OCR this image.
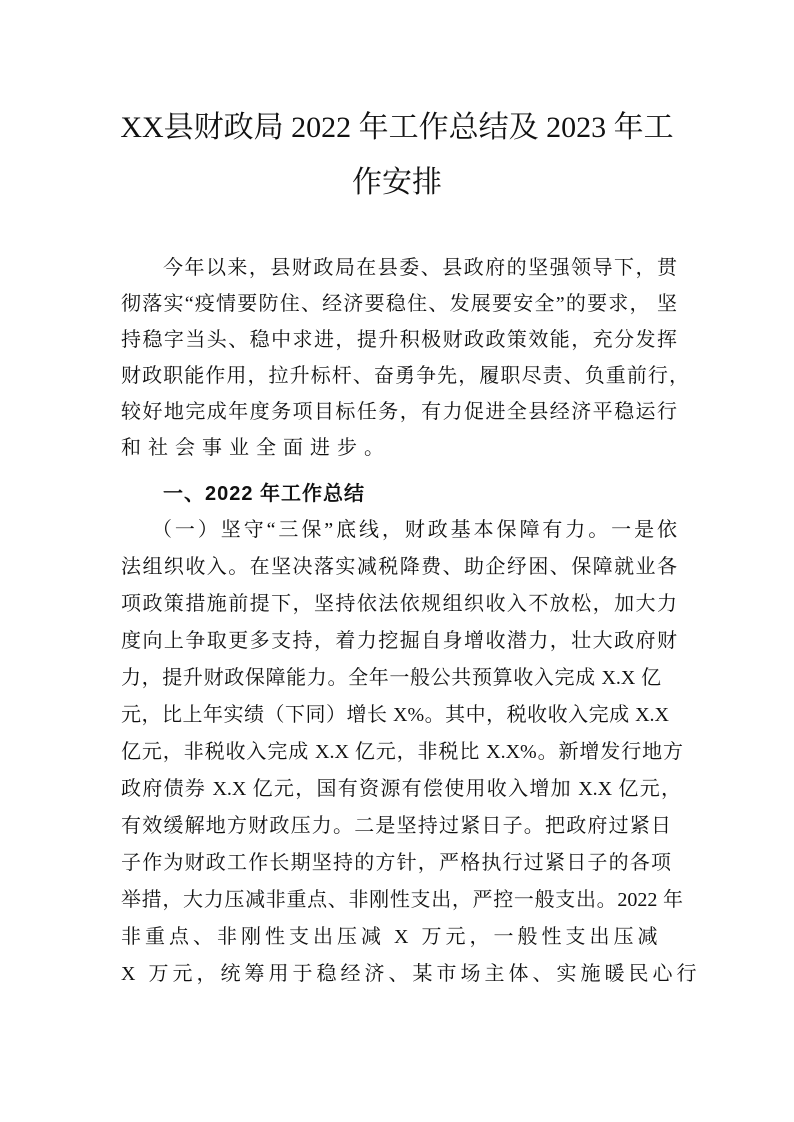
XX县财政局 2022 年工作总结及 2023 年工
作安排
今年以来，县财政局在县委、县政府的坚强领导下，贯
彻落实“疫情要防住、经济要稳住、发展要安全”的要求， 坚
持稳字当头、稳中求进，提升积极财政政策效能，充分发挥
财政职能作用，拉升标杆、奋勇争先，履职尽责、负重前行，
较好地完成年度务项目标任务，有力促进全县经济平稳运行
和社会事业全面进步。
一、2022 年工作总结
（一）坚守“三保”底线，财政基本保障有力。一是依
法组织收入。在坚决落实减税降费、助企纾困、保障就业各
项政策措施前提下，坚持依法依规组织收入不放松，加大力
度向上争取更多支持，着力挖掘自身增收潜力，壮大政府财
力，提升财政保障能力。全年一般公共预算收入完成 X.X 亿
元，比上年实绩（下同）增长 X%。其中，税收收入完成 X.X
亿元，非税收入完成 X.X 亿元，非税比 X.X%。新增发行地方
政府债券 X.X 亿元，国有资源有偿使用收入增加 X.X 亿元，
有效缓解地方财政压力。二是坚持过紧日子。把政府过紧日
子作为财政工作长期坚持的方针，严格执行过紧日子的各项
举措，大力压减非重点、非刚性支出，严控一般支出。2022 年
非重点、非刚性支出压减 X 万元，一般性支出压减
X 万元，统筹用于稳经济、某市场主体、实施暖民心行
